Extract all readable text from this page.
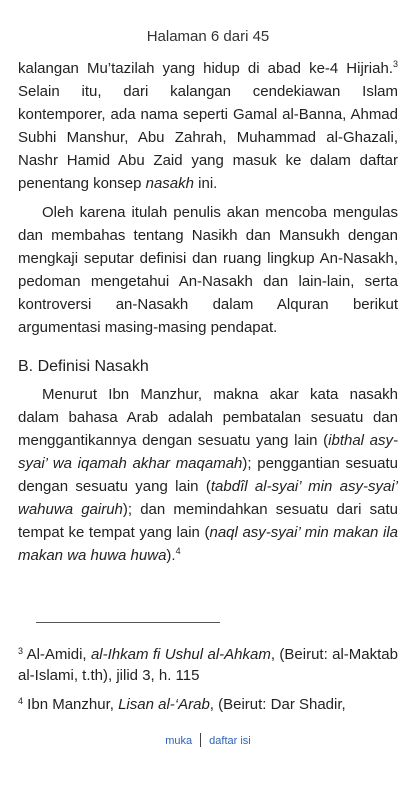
Halaman 6 dari 45

kalangan Mu’tazilah yang hidup di abad ke-4 Hijriah.$^3$ Selain itu, dari kalangan cendekiawan Islam kontemporer, ada nama seperti Gamal al-Banna, Ahmad Subhi Manshur, Abu Zahrah, Muhammad al-Ghazali, Nashr Hamid Abu Zaid yang masuk ke dalam daftar penentang konsep nasakh ini.

Oleh karena itulah penulis akan mencoba mengulas dan membahas tentang Nasikh dan Mansukh dengan mengkaji seputar definisi dan ruang lingkup An-Nasakh, pedoman mengetahui An-Nasakh dan lain-lain, serta kontroversi an-Nasakh dalam Alquran berikut argumentasi masing-masing pendapat.

B. Definisi Nasakh

Menurut Ibn Manzhur, makna akar kata nasakh dalam bahasa Arab adalah pembatalan sesuatu dan menggantikannya dengan sesuatu yang lain (ibthal asy-syai’ wa iqamah akhar maqamah); penggantian sesuatu dengan sesuatu yang lain (tabdîl al-syai’ min asy-syai’ wahuwa gairuh); dan memindahkan sesuatu dari satu tempat ke tempat yang lain (naql asy-syai’ min makan ila makan wa huwa huwa).$^4$

$^3$ Al-Amidi, al-Ihkam fi Ushul al-Ahkam, (Beirut: al-Maktab al-Islami, t.th), jilid 3, h. 115

$^4$ Ibn Manzhur, Lisan al-‘Arab, (Beirut: Dar Shadir,

muka daftar isi
